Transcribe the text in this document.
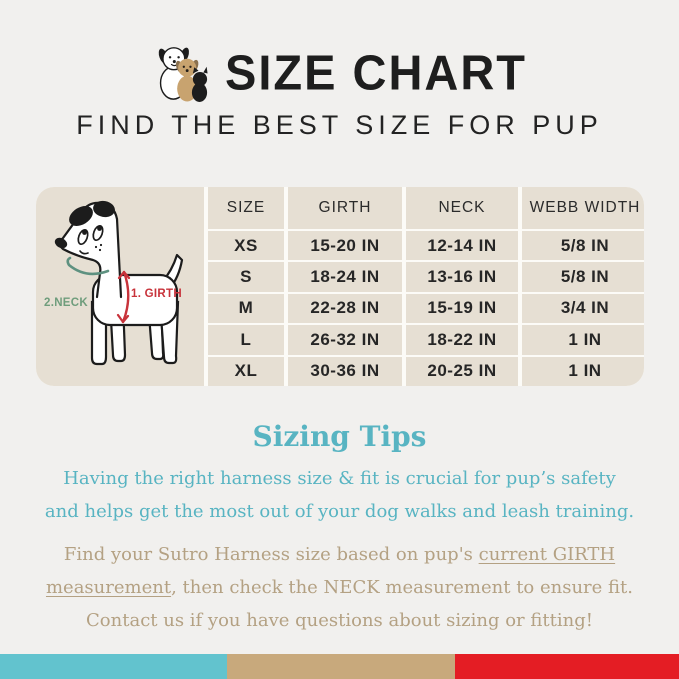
SIZE CHART
FIND THE BEST SIZE FOR PUP
2.NECK
1. GIRTH
SIZE	GIRTH	NECK	WEBB WIDTH
XS	15-20 IN	12-14 IN	5/8 IN
S	18-24 IN	13-16 IN	5/8 IN
M	22-28 IN	15-19 IN	3/4 IN
L	26-32 IN	18-22 IN	1 IN
XL	30-36 IN	20-25 IN	1 IN
Sizing Tips
Having the right harness size & fit is crucial for pup’s safety
and helps get the most out of your dog walks and leash training.
Find your Sutro Harness size based on pup's current GIRTH
measurement, then check the NECK measurement to ensure fit.
Contact us if you have questions about sizing or fitting!
